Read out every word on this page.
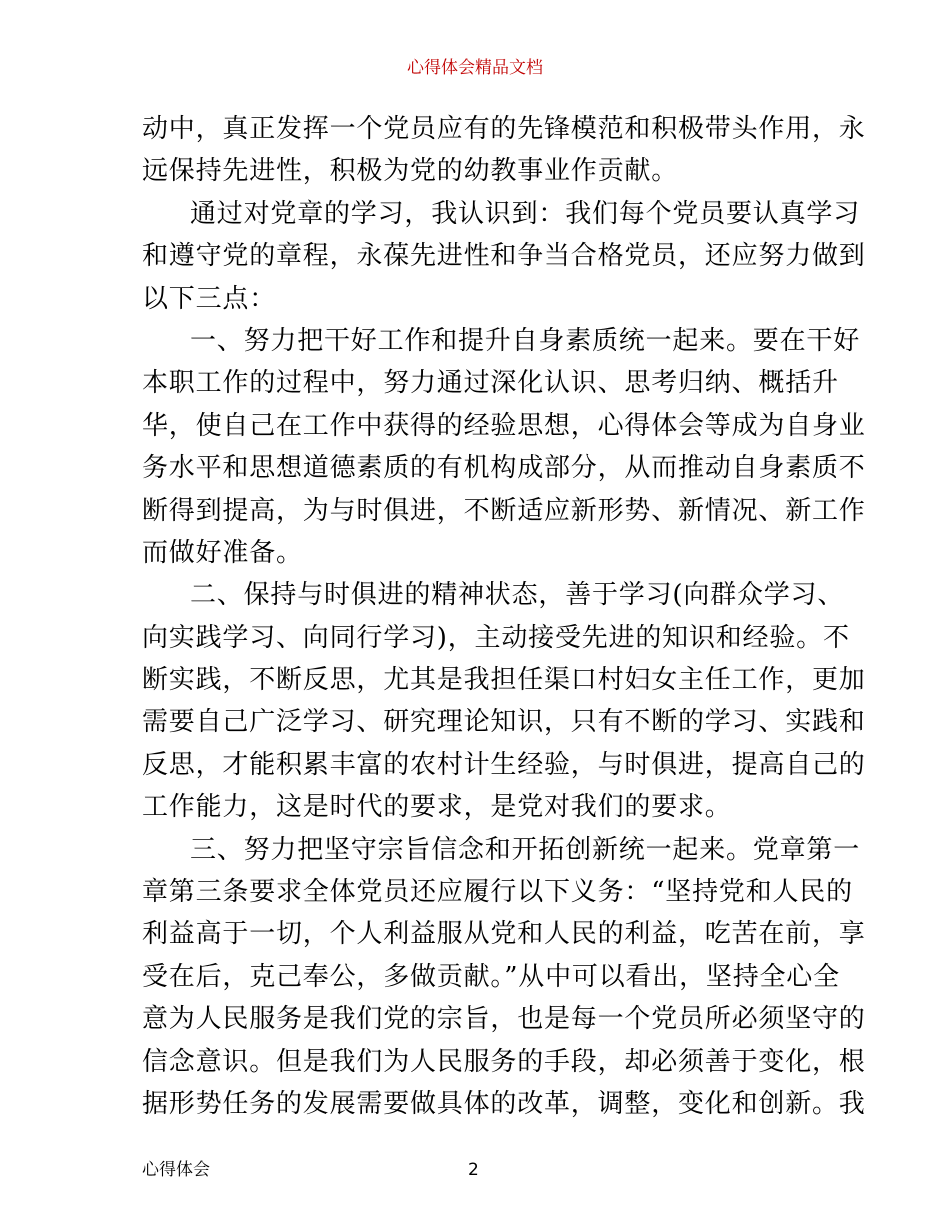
心得体会精品文档
动中，真正发挥一个党员应有的先锋模范和积极带头作用，永
远保持先进性，积极为党的幼教事业作贡献。
通过对党章的学习，我认识到：我们每个党员要认真学习
和遵守党的章程，永葆先进性和争当合格党员，还应努力做到
以下三点：
一、努力把干好工作和提升自身素质统一起来。要在干好
本职工作的过程中，努力通过深化认识、思考归纳、概括升
华，使自己在工作中获得的经验思想，心得体会等成为自身业
务水平和思想道德素质的有机构成部分，从而推动自身素质不
断得到提高，为与时俱进，不断适应新形势、新情况、新工作
而做好准备。
二、保持与时俱进的精神状态，善于学习(向群众学习、
向实践学习、向同行学习)，主动接受先进的知识和经验。不
断实践，不断反思，尤其是我担任渠口村妇女主任工作，更加
需要自己广泛学习、研究理论知识，只有不断的学习、实践和
反思，才能积累丰富的农村计生经验，与时俱进，提高自己的
工作能力，这是时代的要求，是党对我们的要求。
三、努力把坚守宗旨信念和开拓创新统一起来。党章第一
章第三条要求全体党员还应履行以下义务：“坚持党和人民的
利益高于一切，个人利益服从党和人民的利益，吃苦在前，享
受在后，克己奉公，多做贡献。”从中可以看出，坚持全心全
意为人民服务是我们党的宗旨，也是每一个党员所必须坚守的
信念意识。但是我们为人民服务的手段，却必须善于变化，根
据形势任务的发展需要做具体的改革，调整，变化和创新。我
心得体会	2
